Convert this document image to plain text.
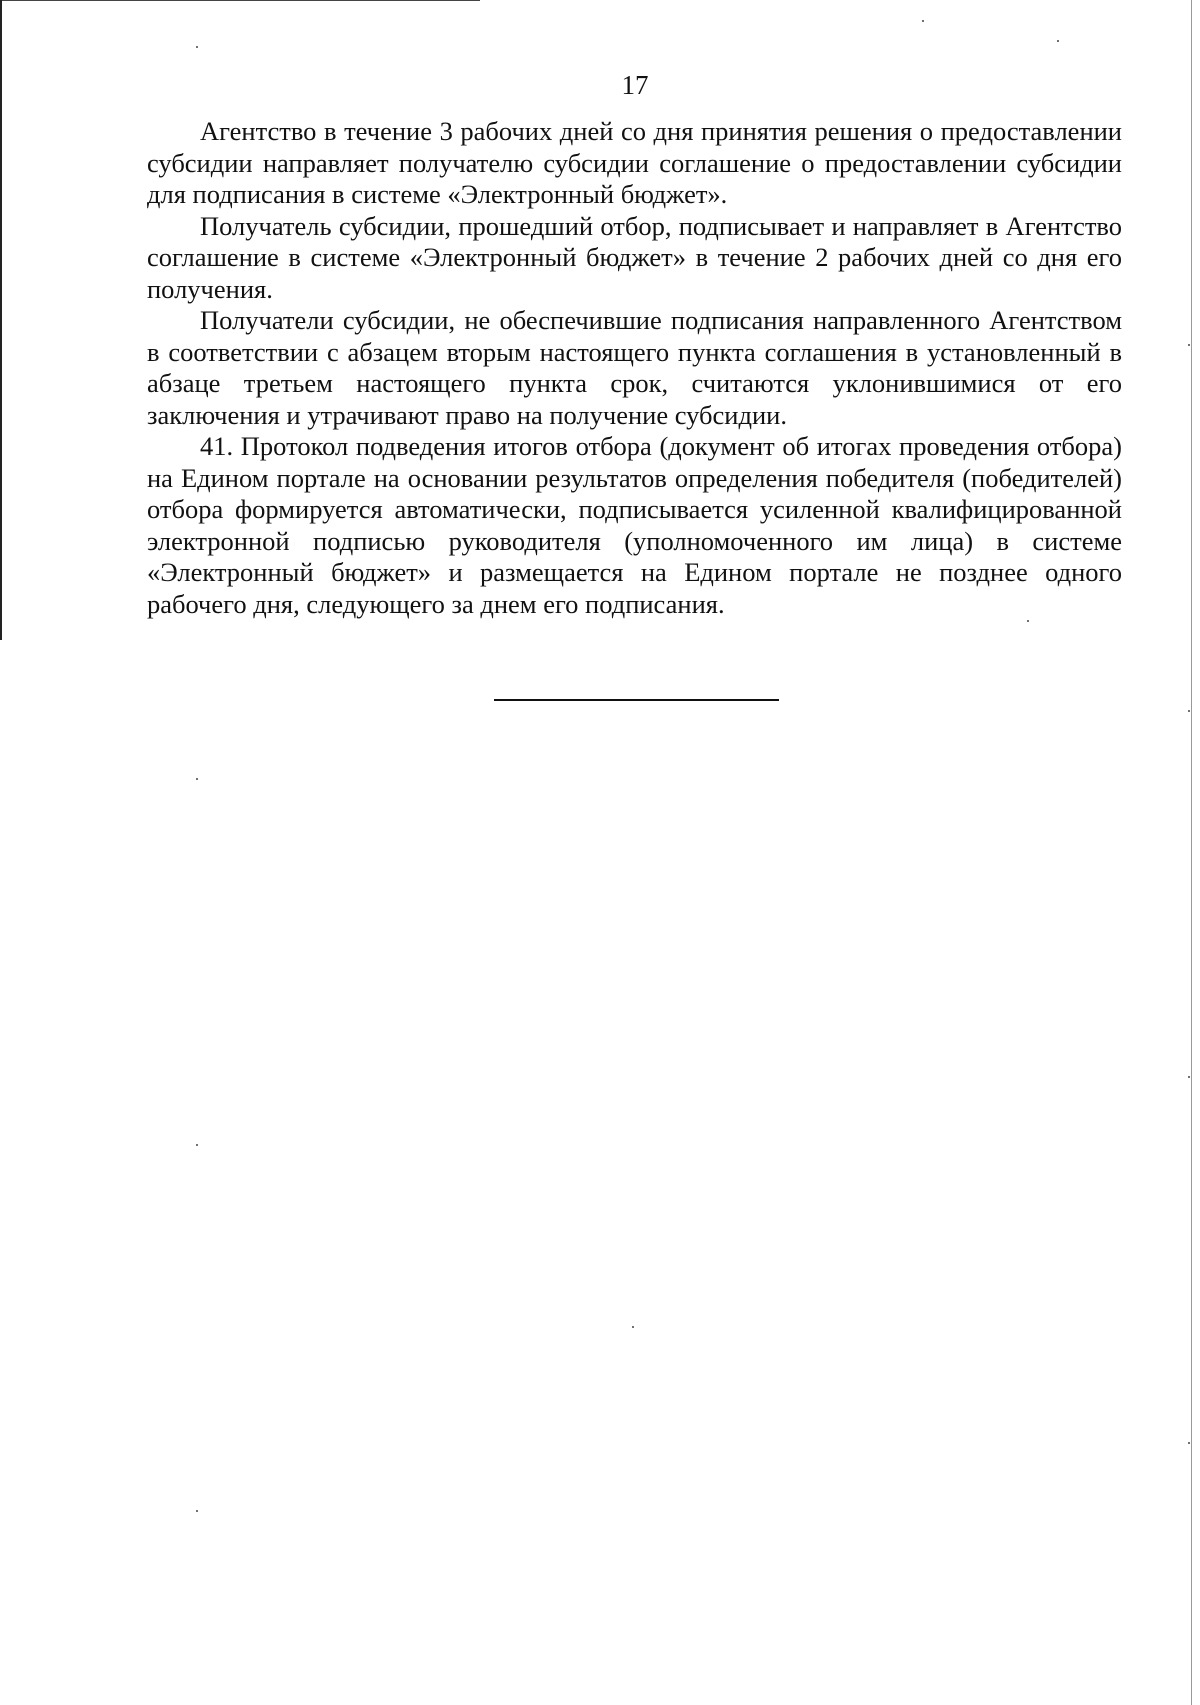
17

Агентство в течение 3 рабочих дней со дня принятия решения о предоставлении субсидии направляет получателю субсидии соглашение о предоставлении субсидии для подписания в системе «Электронный бюджет».

Получатель субсидии, прошедший отбор, подписывает и направляет в Агентство соглашение в системе «Электронный бюджет» в течение 2 рабочих дней со дня его получения.

Получатели субсидии, не обеспечившие подписания направленного Агентством в соответствии с абзацем вторым настоящего пункта соглашения в установленный в абзаце третьем настоящего пункта срок, считаются уклонившимися от его заключения и утрачивают право на получение субсидии.

41. Протокол подведения итогов отбора (документ об итогах проведения отбора) на Едином портале на основании результатов определения победителя (победителей) отбора формируется автоматически, подписывается усиленной квалифицированной электронной подписью руководителя (уполномоченного им лица) в системе «Электронный бюджет» и размещается на Едином портале не позднее одного рабочего дня, следующего за днем его подписания.
